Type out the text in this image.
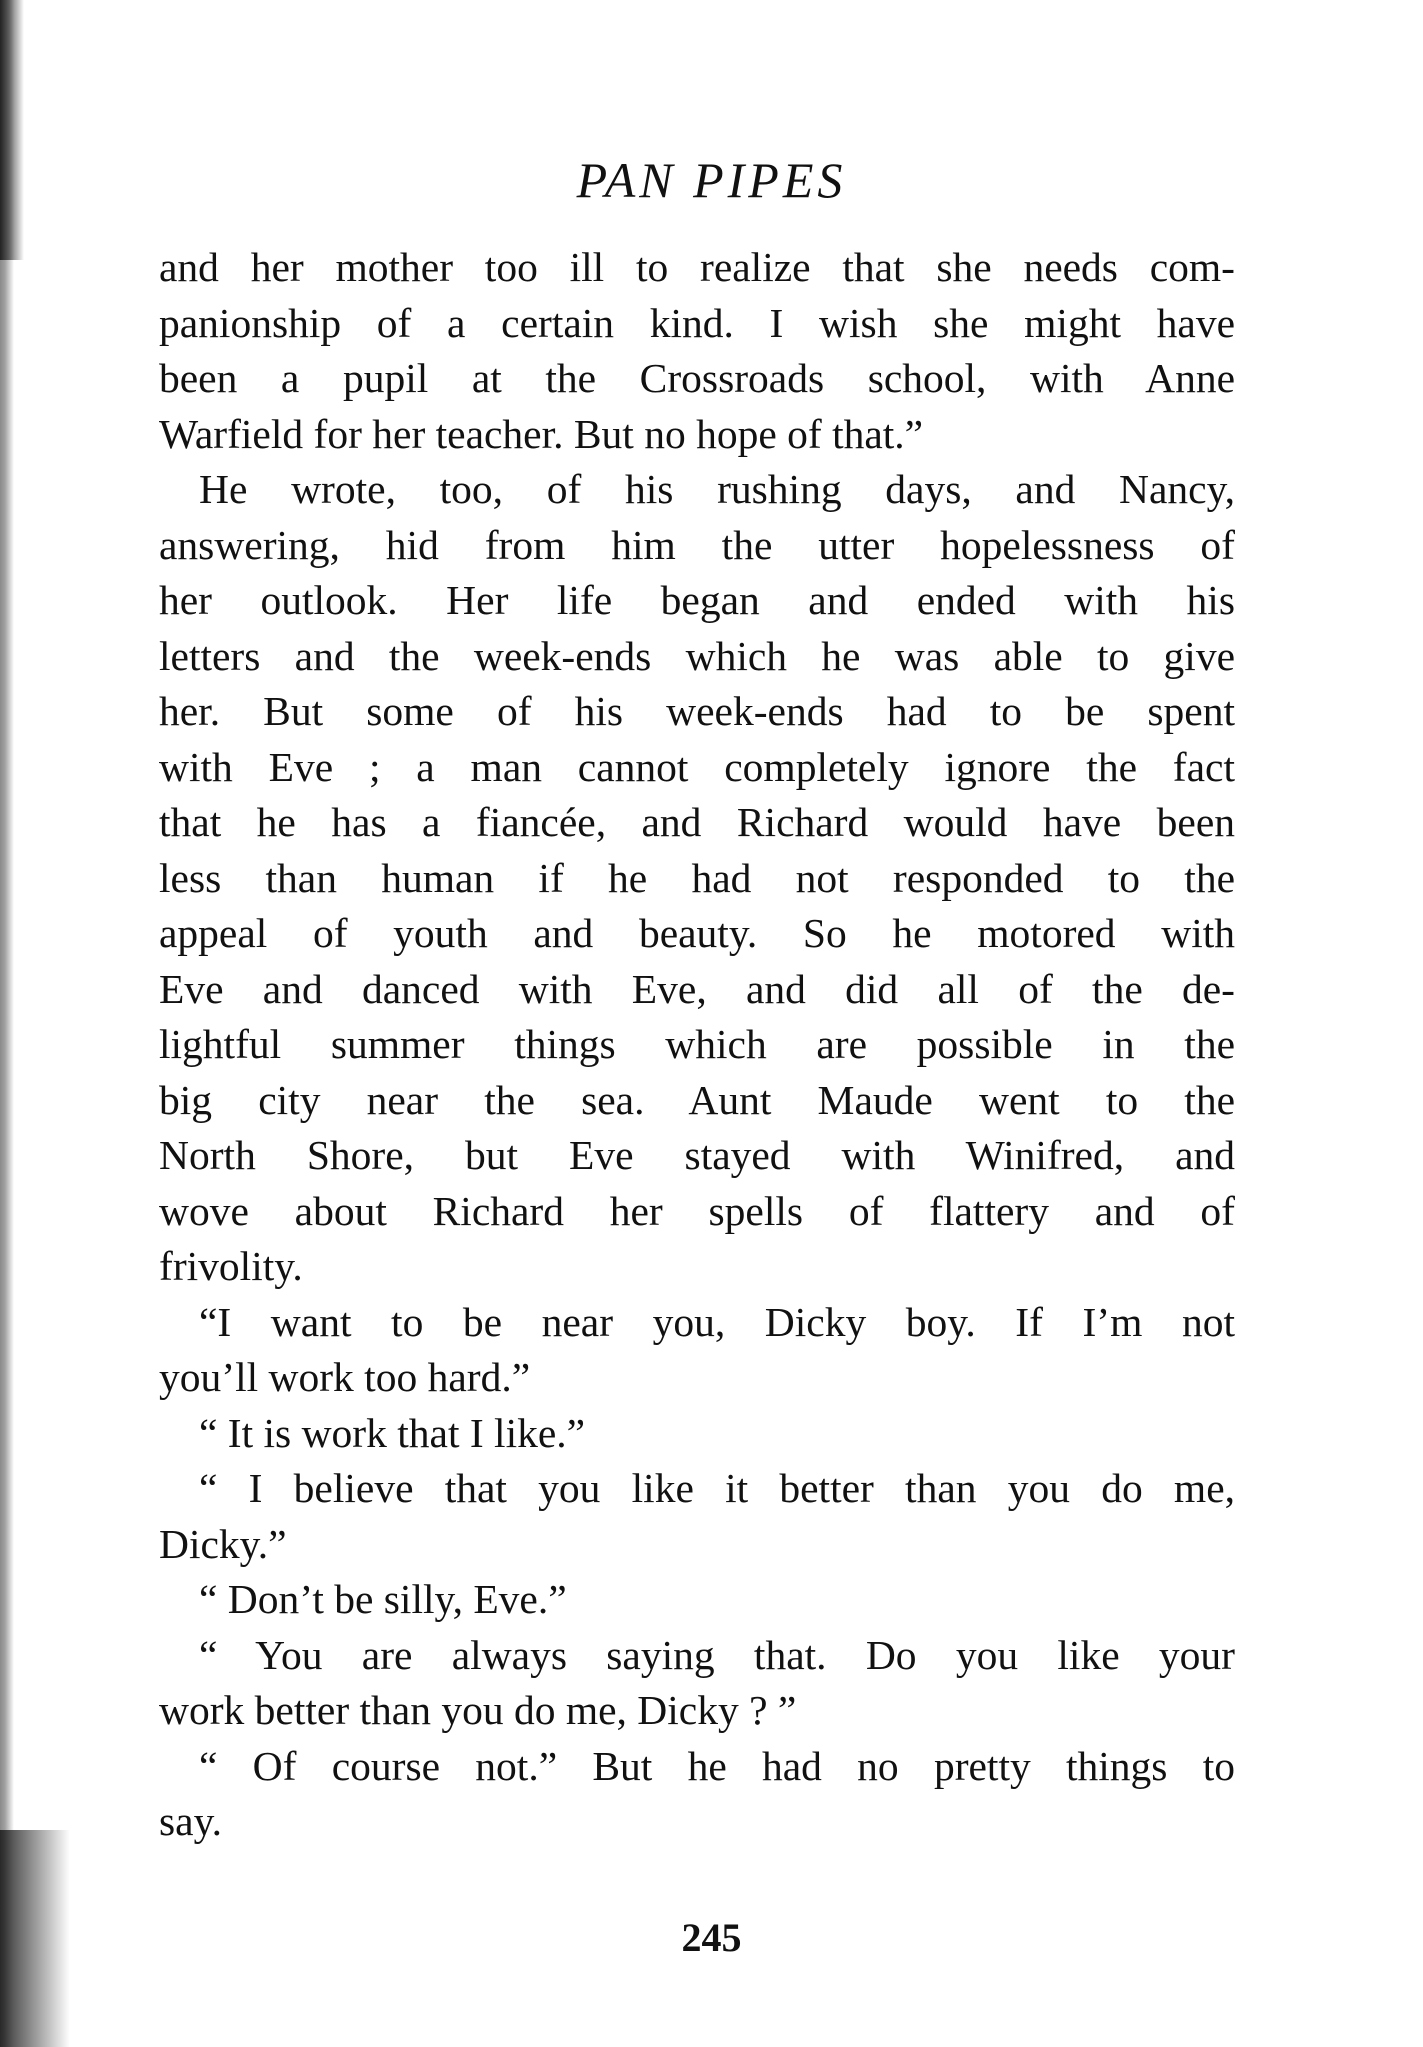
PAN PIPES
and her mother too ill to realize that she needs com-
panionship of a certain kind. I wish she might have
been a pupil at the Crossroads school, with Anne
Warfield for her teacher. But no hope of that.”
He wrote, too, of his rushing days, and Nancy,
answering, hid from him the utter hopelessness of
her outlook. Her life began and ended with his
letters and the week-ends which he was able to give
her. But some of his week-ends had to be spent
with Eve ; a man cannot completely ignore the fact
that he has a fiancée, and Richard would have been
less than human if he had not responded to the
appeal of youth and beauty. So he motored with
Eve and danced with Eve, and did all of the de-
lightful summer things which are possible in the
big city near the sea. Aunt Maude went to the
North Shore, but Eve stayed with Winifred, and
wove about Richard her spells of flattery and of
frivolity.
“I want to be near you, Dicky boy. If I’m not
you’ll work too hard.”
“ It is work that I like.”
“ I believe that you like it better than you do me,
Dicky.”
“ Don’t be silly, Eve.”
“ You are always saying that. Do you like your
work better than you do me, Dicky ? ”
“ Of course not.” But he had no pretty things to
say.
245
